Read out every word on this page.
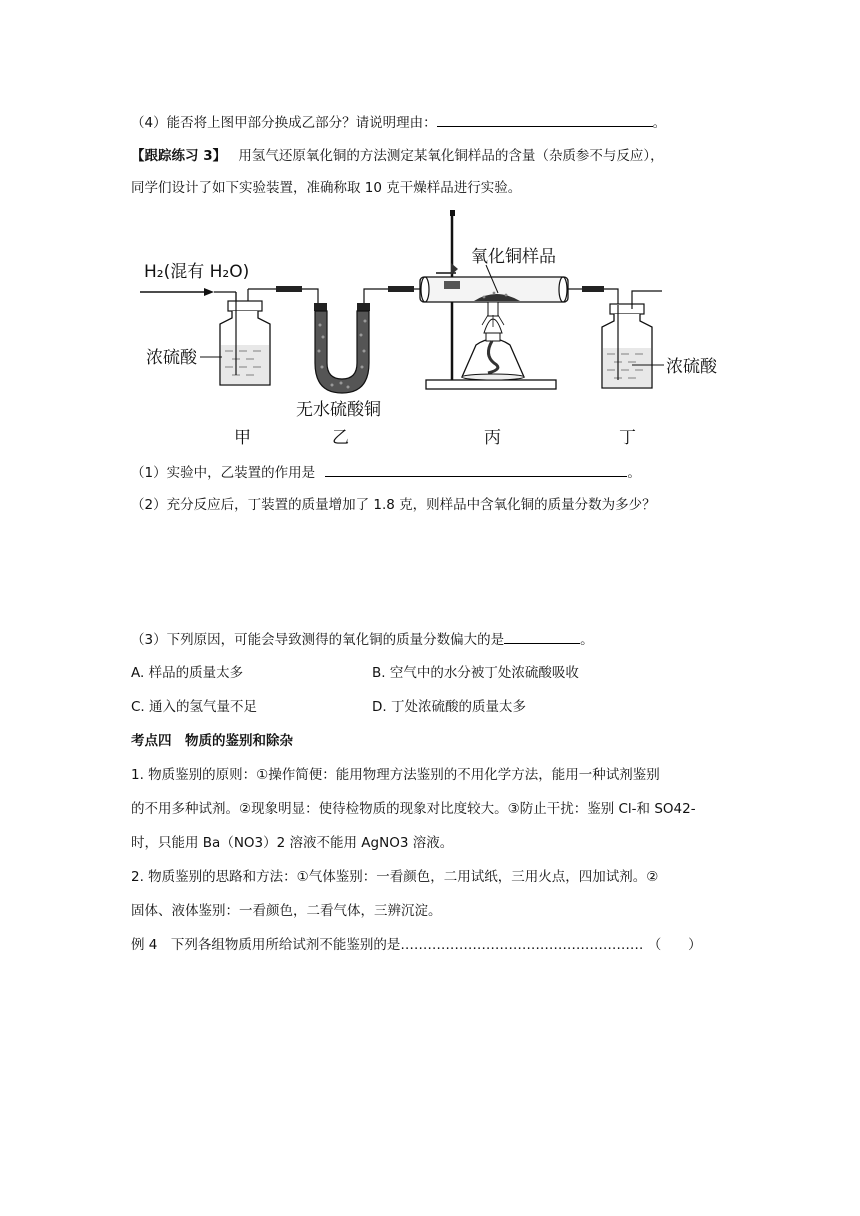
（4）能否将上图甲部分换成乙部分？请说明理由：	。
【跟踪练习 3】 用氢气还原氧化铜的方法测定某氧化铜样品的含量（杂质参不与反应），
同学们设计了如下实验装置，准确称取 10 克干燥样品进行实验。
H₂(混有 H₂O)
浓硫酸
无水硫酸铜
氧化铜样品
浓硫酸
甲	乙	丙	丁
（1）实验中，乙装置的作用是	。
（2）充分反应后，丁装置的质量增加了 1.8 克，则样品中含氧化铜的质量分数为多少？
（3）下列原因，可能会导致测得的氧化铜的质量分数偏大的是	。
A. 样品的质量太多	B. 空气中的水分被丁处浓硫酸吸收
C. 通入的氢气量不足	D. 丁处浓硫酸的质量太多
考点四　物质的鉴别和除杂
1. 物质鉴别的原则：①操作简便：能用物理方法鉴别的不用化学方法，能用一种试剂鉴别
的不用多种试剂。②现象明显：使待检物质的现象对比度较大。③防止干扰：鉴别 Cl-和 SO42-
时，只能用 Ba（NO3）2 溶液不能用 AgNO3 溶液。
2. 物质鉴别的思路和方法：①气体鉴别：一看颜色，二用试纸，三用火点，四加试剂。②
固体、液体鉴别：一看颜色，二看气体，三辨沉淀。
例 4　下列各组物质用所给试剂不能鉴别的是……………………………………………… （　　）
